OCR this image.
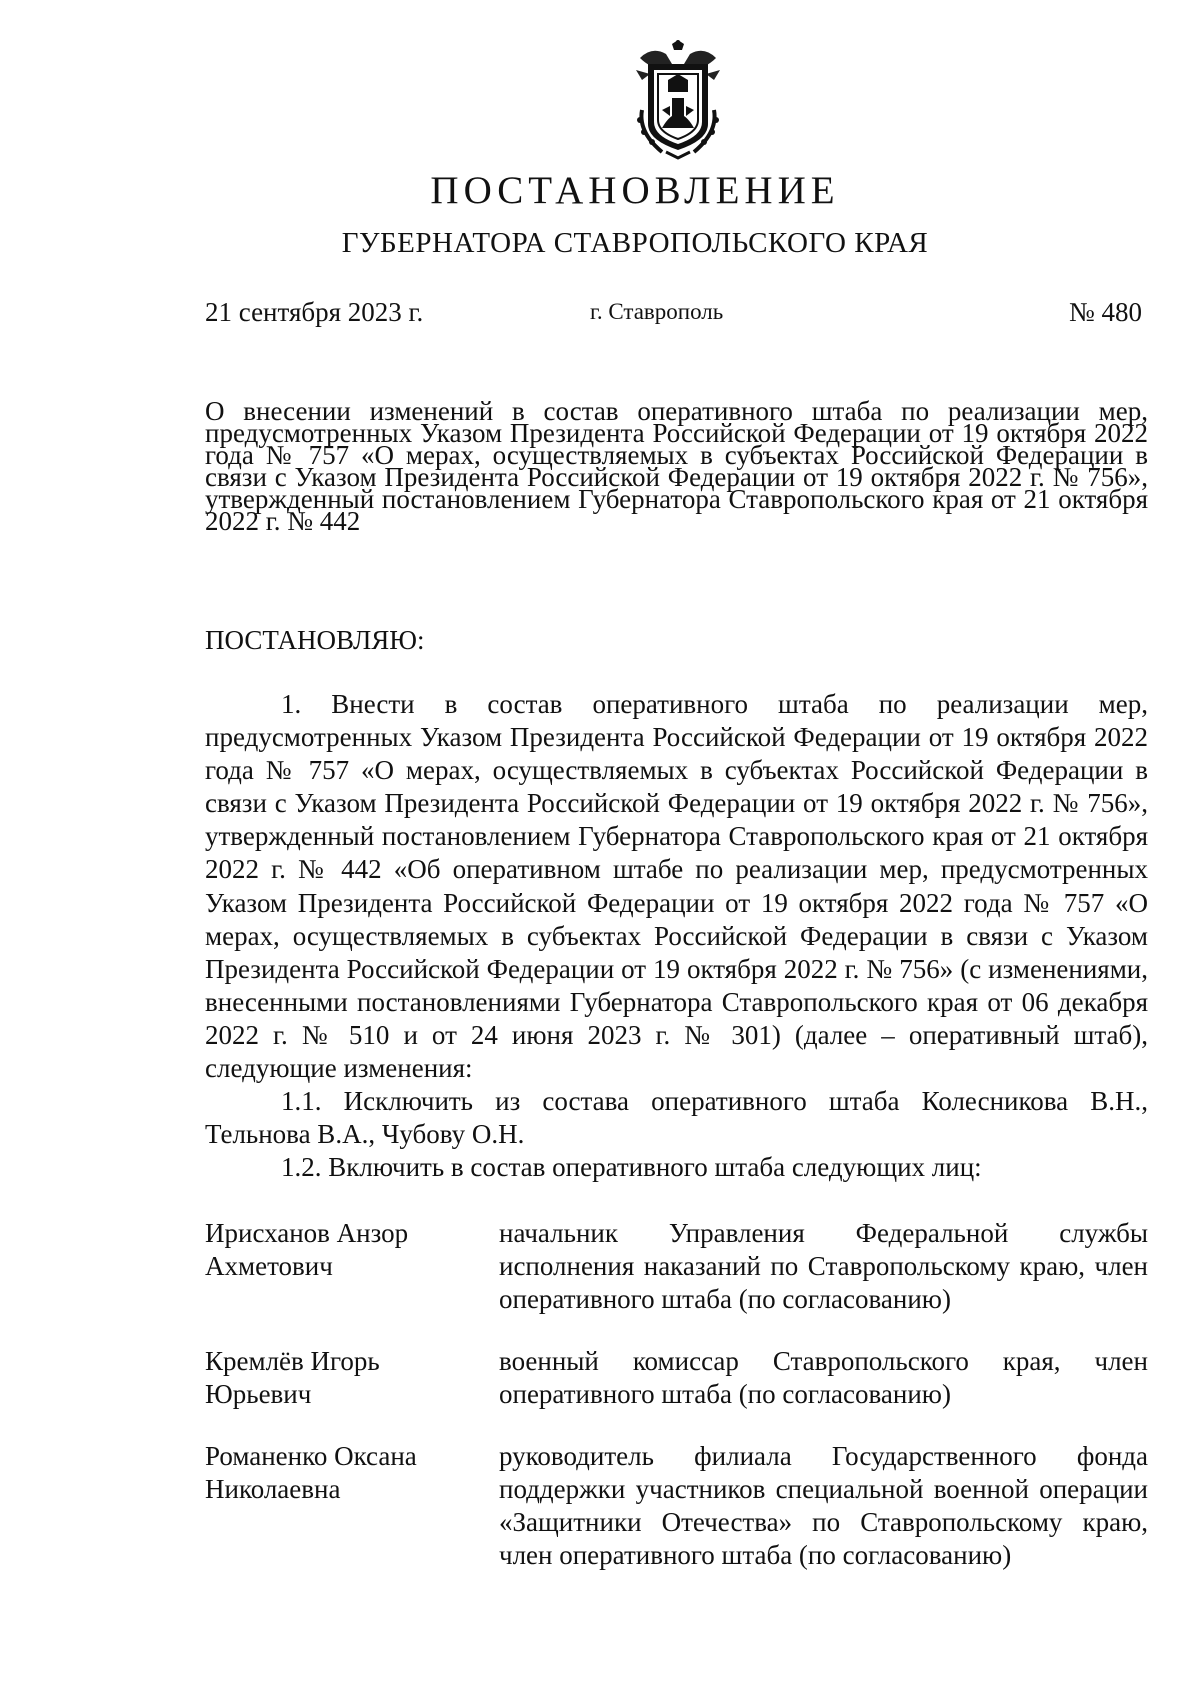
ПОСТАНОВЛЕНИЕ
ГУБЕРНАТОРА СТАВРОПОЛЬСКОГО КРАЯ
21 сентября 2023 г.	г. Ставрополь	№ 480
О внесении изменений в состав оперативного штаба по реализации мер, предусмотренных Указом Президента Российской Федерации от 19 октября 2022 года № 757 «О мерах, осуществляемых в субъектах Российской Федерации в связи с Указом Президента Российской Федерации от 19 октября 2022 г. № 756», утвержденный постановлением Губернатора Ставропольского края от 21 октября 2022 г. № 442
ПОСТАНОВЛЯЮ:

1. Внести в состав оперативного штаба по реализации мер, предусмотренных Указом Президента Российской Федерации от 19 октября 2022 года № 757 «О мерах, осуществляемых в субъектах Российской Федерации в связи с Указом Президента Российской Федерации от 19 октября 2022 г. № 756», утвержденный постановлением Губернатора Ставропольского края от 21 октября 2022 г. № 442 «Об оперативном штабе по реализации мер, предусмотренных Указом Президента Российской Федерации от 19 октября 2022 года № 757 «О мерах, осуществляемых в субъектах Российской Федерации в связи с Указом Президента Российской Федерации от 19 октября 2022 г. № 756» (с изменениями, внесенными постановлениями Губернатора Ставропольского края от 06 декабря 2022 г. № 510 и от 24 июня 2023 г. № 301) (далее – оперативный штаб), следующие изменения:

1.1. Исключить из состава оперативного штаба Колесникова В.Н., Тельнова В.А., Чубову О.Н.

1.2. Включить в состав оперативного штаба следующих лиц:

Ирисханов Анзор
Ахметович
начальник Управления Федеральной службы исполнения наказаний по Ставропольскому краю, член оперативного штаба (по согласованию)
Кремлёв Игорь
Юрьевич
военный комиссар Ставропольского края, член оперативного штаба (по согласованию)
Романенко Оксана
Николаевна
руководитель филиала Государственного фонда поддержки участников специальной военной операции «Защитники Отечества» по Ставропольскому краю, член оперативного штаба (по согласованию)
